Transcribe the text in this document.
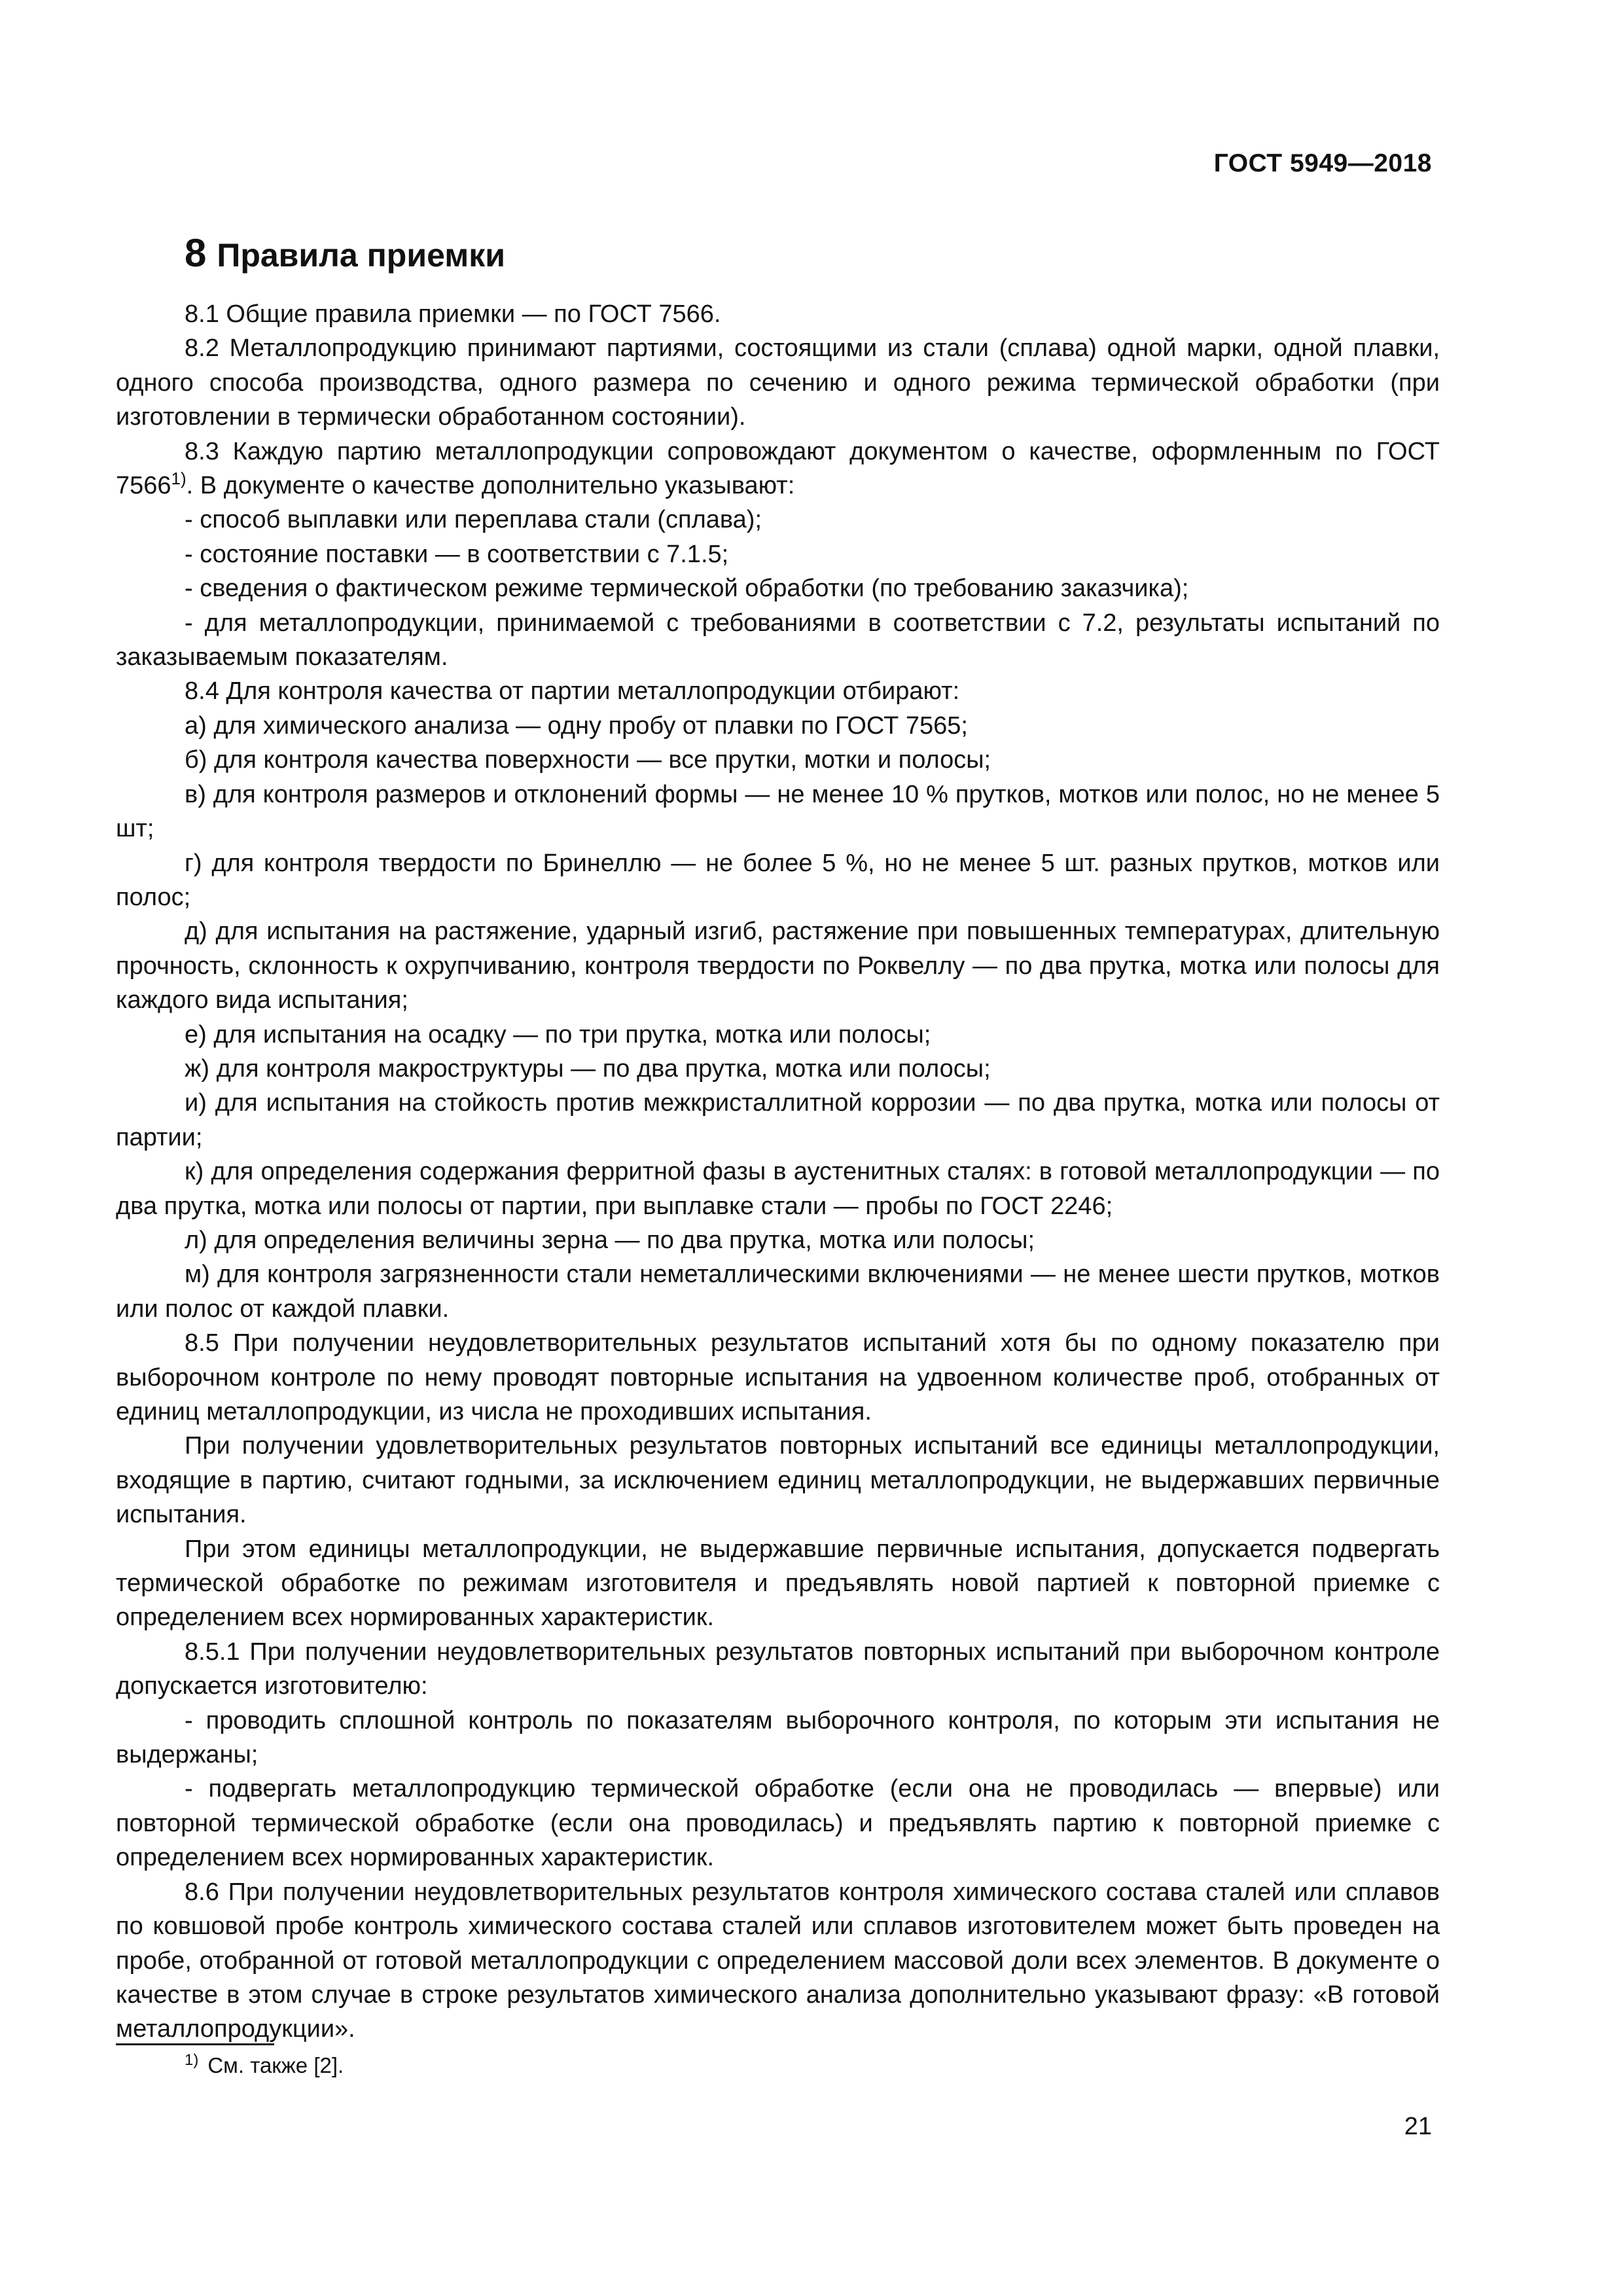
ГОСТ 5949—2018
8 Правила приемки

8.1 Общие правила приемки — по ГОСТ 7566.

8.2 Металлопродукцию принимают партиями, состоящими из стали (сплава) одной марки, одной плавки, одного способа производства, одного размера по сечению и одного режима термической обработки (при изготовлении в термически обработанном состоянии).

8.3 Каждую партию металлопродукции сопровождают документом о качестве, оформленным по ГОСТ 7566$^{1)}$. В документе о качестве дополнительно указывают:

- способ выплавки или переплава стали (сплава);

- состояние поставки — в соответствии с 7.1.5;

- сведения о фактическом режиме термической обработки (по требованию заказчика);

- для металлопродукции, принимаемой с требованиями в соответствии с 7.2, результаты испытаний по заказываемым показателям.

8.4 Для контроля качества от партии металлопродукции отбирают:

а) для химического анализа — одну пробу от плавки по ГОСТ 7565;

б) для контроля качества поверхности — все прутки, мотки и полосы;

в) для контроля размеров и отклонений формы — не менее 10 % прутков, мотков или полос, но не менее 5 шт;

г) для контроля твердости по Бринеллю — не более 5 %, но не менее 5 шт. разных прутков, мотков или полос;

д) для испытания на растяжение, ударный изгиб, растяжение при повышенных температурах, длительную прочность, склонность к охрупчиванию, контроля твердости по Роквеллу — по два прутка, мотка или полосы для каждого вида испытания;

е) для испытания на осадку — по три прутка, мотка или полосы;

ж) для контроля макроструктуры — по два прутка, мотка или полосы;

и) для испытания на стойкость против межкристаллитной коррозии — по два прутка, мотка или полосы от партии;

к) для определения содержания ферритной фазы в аустенитных сталях: в готовой металлопродукции — по два прутка, мотка или полосы от партии, при выплавке стали — пробы по ГОСТ 2246;

л) для определения величины зерна — по два прутка, мотка или полосы;

м) для контроля загрязненности стали неметаллическими включениями — не менее шести прутков, мотков или полос от каждой плавки.

8.5 При получении неудовлетворительных результатов испытаний хотя бы по одному показателю при выборочном контроле по нему проводят повторные испытания на удвоенном количестве проб, отобранных от единиц металлопродукции, из числа не проходивших испытания.

При получении удовлетворительных результатов повторных испытаний все единицы металлопродукции, входящие в партию, считают годными, за исключением единиц металлопродукции, не выдержавших первичные испытания.

При этом единицы металлопродукции, не выдержавшие первичные испытания, допускается подвергать термической обработке по режимам изготовителя и предъявлять новой партией к повторной приемке с определением всех нормированных характеристик.

8.5.1 При получении неудовлетворительных результатов повторных испытаний при выборочном контроле допускается изготовителю:

- проводить сплошной контроль по показателям выборочного контроля, по которым эти испытания не выдержаны;

- подвергать металлопродукцию термической обработке (если она не проводилась — впервые) или повторной термической обработке (если она проводилась) и предъявлять партию к повторной приемке с определением всех нормированных характеристик.

8.6 При получении неудовлетворительных результатов контроля химического состава сталей или сплавов по ковшовой пробе контроль химического состава сталей или сплавов изготовителем может быть проведен на пробе, отобранной от готовой металлопродукции с определением массовой доли всех элементов. В документе о качестве в этом случае в строке результатов химического анализа дополнительно указывают фразу: «В готовой металлопродукции».

$^{1)}$ См. также [2].
21
